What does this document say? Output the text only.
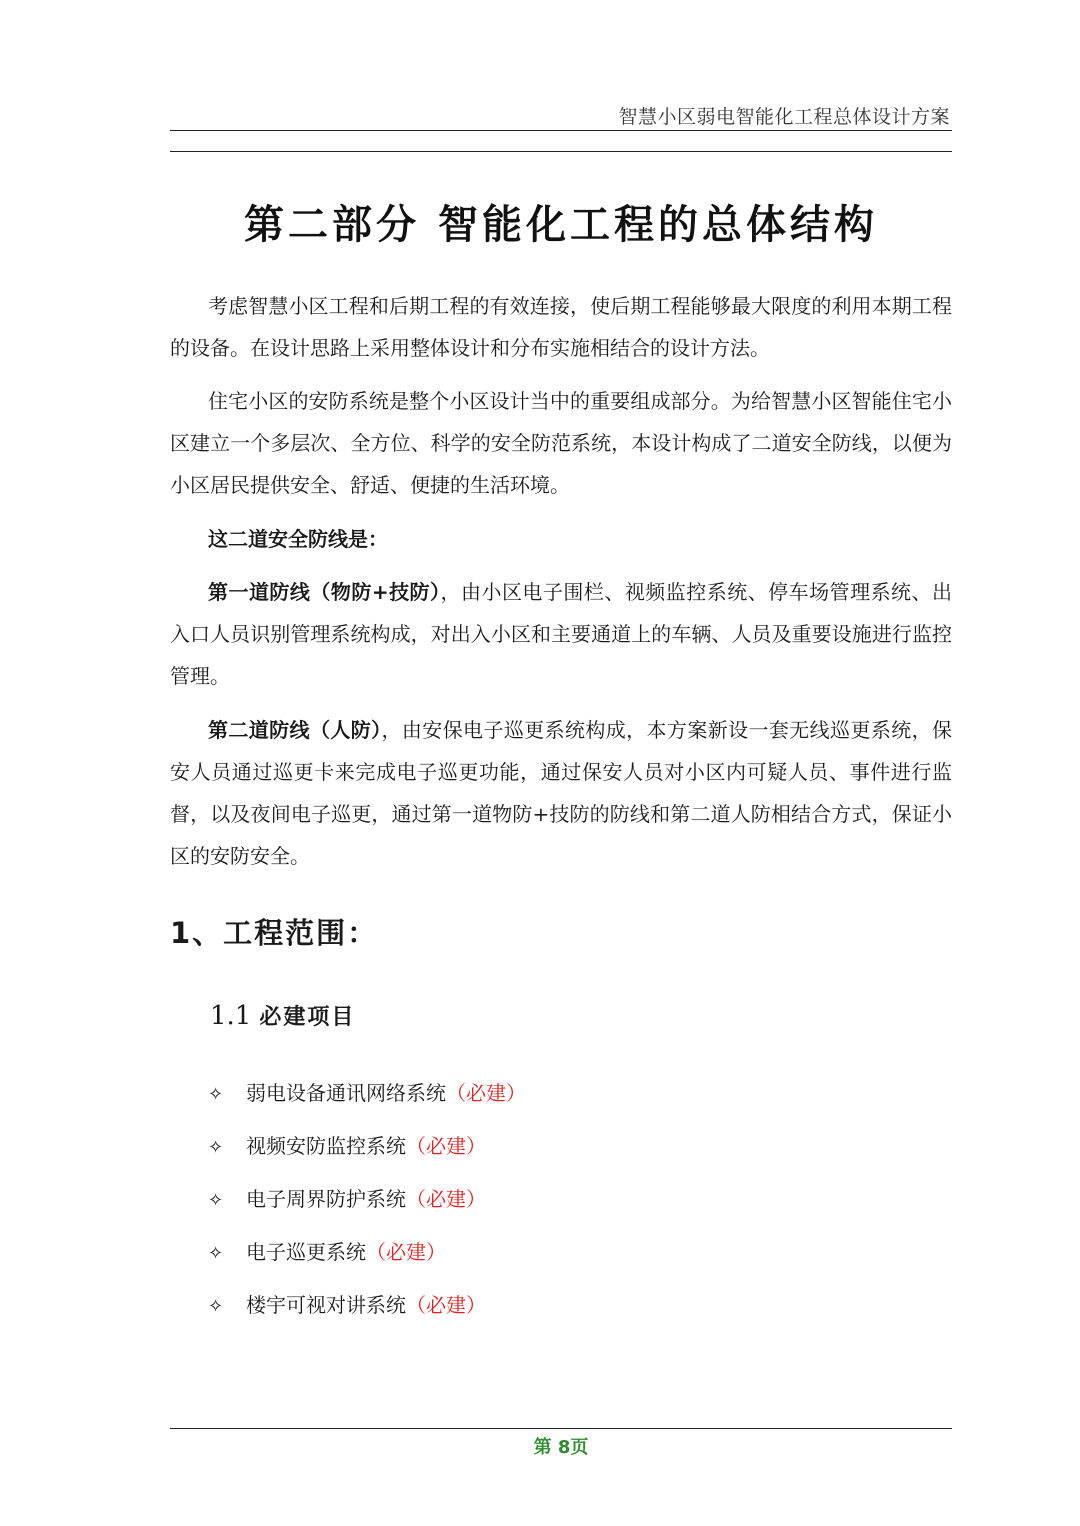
智慧小区弱电智能化工程总体设计方案
第二部分 智能化工程的总体结构

考虑智慧小区工程和后期工程的有效连接，使后期工程能够最大限度的利用本期工程的设备。在设计思路上采用整体设计和分布实施相结合的设计方法。

住宅小区的安防系统是整个小区设计当中的重要组成部分。为给智慧小区智能住宅小区建立一个多层次、全方位、科学的安全防范系统，本设计构成了二道安全防线，以便为小区居民提供安全、舒适、便捷的生活环境。

这二道安全防线是：

第一道防线（物防+技防），由小区电子围栏、视频监控系统、停车场管理系统、出入口人员识别管理系统构成，对出入小区和主要通道上的车辆、人员及重要设施进行监控管理。

第二道防线（人防），由安保电子巡更系统构成，本方案新设一套无线巡更系统，保安人员通过巡更卡来完成电子巡更功能，通过保安人员对小区内可疑人员、事件进行监督，以及夜间电子巡更，通过第一道物防+技防的防线和第二道人防相结合方式，保证小区的安防安全。

1、工程范围：
1.1 必建项目
✧ 弱电设备通讯网络系统（必建）
✧ 视频安防监控系统（必建）
✧ 电子周界防护系统（必建）
✧ 电子巡更系统（必建）
✧ 楼宇可视对讲系统（必建）
第 8页
